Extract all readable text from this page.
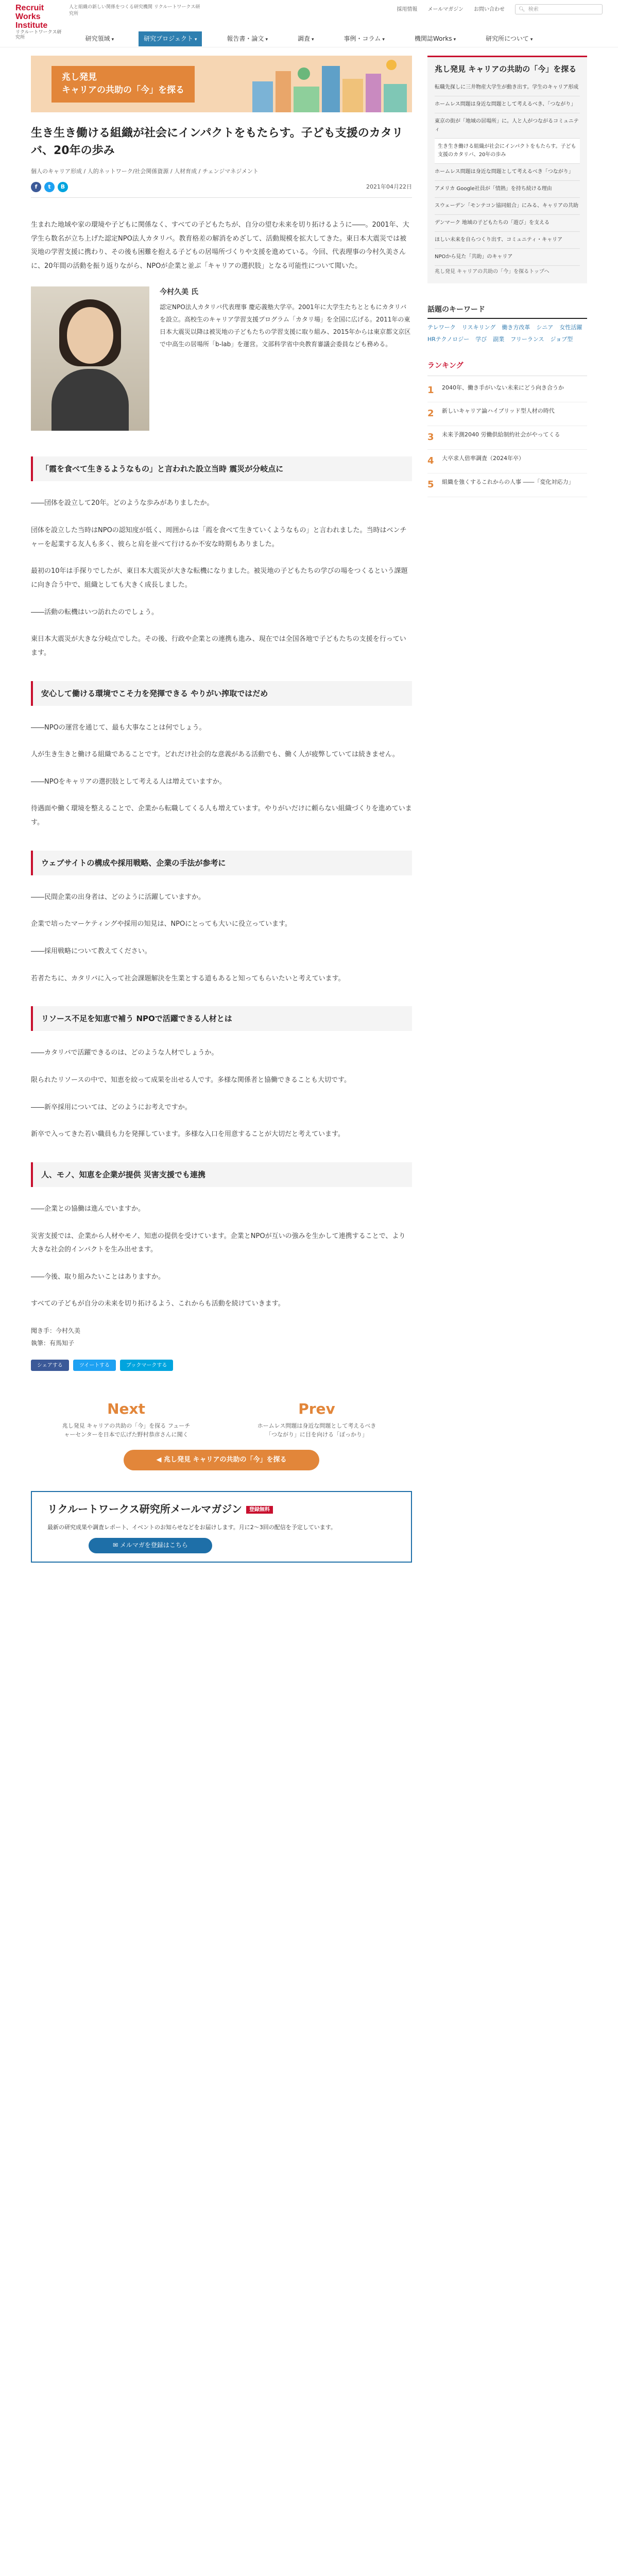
Recruit
Works
Institute
リクルートワークス研究所
人と組織の新しい関係をつくる研究機関 リクルートワークス研究所
採用情報 メールマガジン お問い合わせ	🔍︎ 検索
研究領域 ▾	研究プロジェクト ▾	報告書・論文 ▾	調査 ▾	事例・コラム ▾	機関誌Works ▾	研究所について ▾
兆し発見
キャリアの共助の「今」を探る
生き生き働ける組織が社会にインパクトをもたらす。子ども支援のカタリバ、20年の歩み
個人のキャリア形成 / 人的ネットワーク/社会関係資源 / 人材育成 / チェンジマネジメント
f	t	B	2021年04月22日

生まれた地域や家の環境や子どもに関係なく、すべての子どもたちが、自分の望む未来を切り拓けるように――。2001年、大学生ら数名が立ち上げた認定NPO法人カタリバ。教育格差の解消をめざして、活動規模を拡大してきた。東日本大震災では被災地の学習支援に携わり、その後も困難を抱える子どもの居場所づくりや支援を進めている。今回、代表理事の今村久美さんに、20年間の活動を振り返りながら、NPOが企業と並ぶ「キャリアの選択肢」となる可能性について聞いた。

今村久美 氏
認定NPO法人カタリバ代表理事 慶応義塾大学卒。2001年に大学生たちとともにカタリバを設立。高校生のキャリア学習支援プログラム「カタリ場」を全国に広げる。2011年の東日本大震災以降は被災地の子どもたちの学習支援に取り組み、2015年からは東京都文京区で中高生の居場所「b-lab」を運営。文部科学省中央教育審議会委員なども務める。
「霞を食べて生きるようなもの」と言われた設立当時 震災が分岐点に

――団体を設立して20年。どのような歩みがありましたか。

団体を設立した当時はNPOの認知度が低く、周囲からは「霞を食べて生きていくようなもの」と言われました。当時はベンチャーを起業する友人も多く、彼らと肩を並べて行けるか不安な時期もありました。

最初の10年は手探りでしたが、東日本大震災が大きな転機になりました。被災地の子どもたちの学びの場をつくるという課題に向き合う中で、組織としても大きく成長しました。

――活動の転機はいつ訪れたのでしょう。

東日本大震災が大きな分岐点でした。その後、行政や企業との連携も進み、現在では全国各地で子どもたちの支援を行っています。

安心して働ける環境でこそ力を発揮できる やりがい搾取ではだめ

――NPOの運営を通じて、最も大事なことは何でしょう。

人が生き生きと働ける組織であることです。どれだけ社会的な意義がある活動でも、働く人が疲弊していては続きません。

――NPOをキャリアの選択肢として考える人は増えていますか。

待遇面や働く環境を整えることで、企業から転職してくる人も増えています。やりがいだけに頼らない組織づくりを進めています。

ウェブサイトの構成や採用戦略、企業の手法が参考に

――民間企業の出身者は、どのように活躍していますか。

企業で培ったマーケティングや採用の知見は、NPOにとっても大いに役立っています。

――採用戦略について教えてください。

若者たちに、カタリバに入って社会課題解決を生業とする道もあると知ってもらいたいと考えています。

リソース不足を知恵で補う NPOで活躍できる人材とは

――カタリバで活躍できるのは、どのような人材でしょうか。

限られたリソースの中で、知恵を絞って成果を出せる人です。多様な関係者と協働できることも大切です。

――新卒採用については、どのようにお考えですか。

新卒で入ってきた若い職員も力を発揮しています。多様な入口を用意することが大切だと考えています。

人、モノ、知恵を企業が提供 災害支援でも連携

――企業との協働は進んでいますか。

災害支援では、企業から人材やモノ、知恵の提供を受けています。企業とNPOが互いの強みを生かして連携することで、より大きな社会的インパクトを生み出せます。

――今後、取り組みたいことはありますか。

すべての子どもが自分の未来を切り拓けるよう、これからも活動を続けていきます。

聞き手：今村久美
執筆：有馬知子
シェアする	ツイートする	ブックマークする
Next
兆し発見 キャリアの共助の「今」を探る フューチャーセンターを日本で広げた野村恭彦さんに聞く
Prev
ホームレス問題は身近な問題として考えるべき「つながり」に目を向ける「ぽっかり」
◀ 兆し発見 キャリアの共助の「今」を探る
リクルートワークス研究所メールマガジン 登録無料
最新の研究成果や調査レポート、イベントのお知らせなどをお届けします。月に2〜3回の配信を予定しています。
✉ メルマガを登録はこちら
兆し発見 キャリアの共助の「今」を探る
転職先探しに三井物産大学生が動き出す。学生のキャリア形成
ホームレス問題は身近な問題として考えるべき、「つながり」
東京の街が「地域の居場所」に。人と人がつながるコミュニティ
生き生き働ける組織が社会にインパクトをもたらす。子ども支援のカタリバ、20年の歩み
ホームレス問題は身近な問題として考えるべき「つながり」
アメリカ Google社員が「情熱」を持ち続ける理由
スウェーデン「モンテコン協同組合」にみる、キャリアの共助
デンマーク 地域の子どもたちの「遊び」を支える
ほしい未来を自らつくり出す、コミュニティ・キャリア
NPOから見た「共助」のキャリア
兆し発見 キャリアの共助の「今」を探るトップへ
話題のキーワード
テレワーク リスキリング 働き方改革 シニア 女性活躍
HRテクノロジー 学び 副業 フリーランス ジョブ型
ランキング
1	2040年、働き手がいない未来にどう向き合うか
2	新しいキャリア論ハイブリッド型人材の時代
3	未来予測2040 労働供給制約社会がやってくる
4	大卒求人倍率調査（2024年卒）
5	組織を強くするこれからの人事 ――「変化対応力」
